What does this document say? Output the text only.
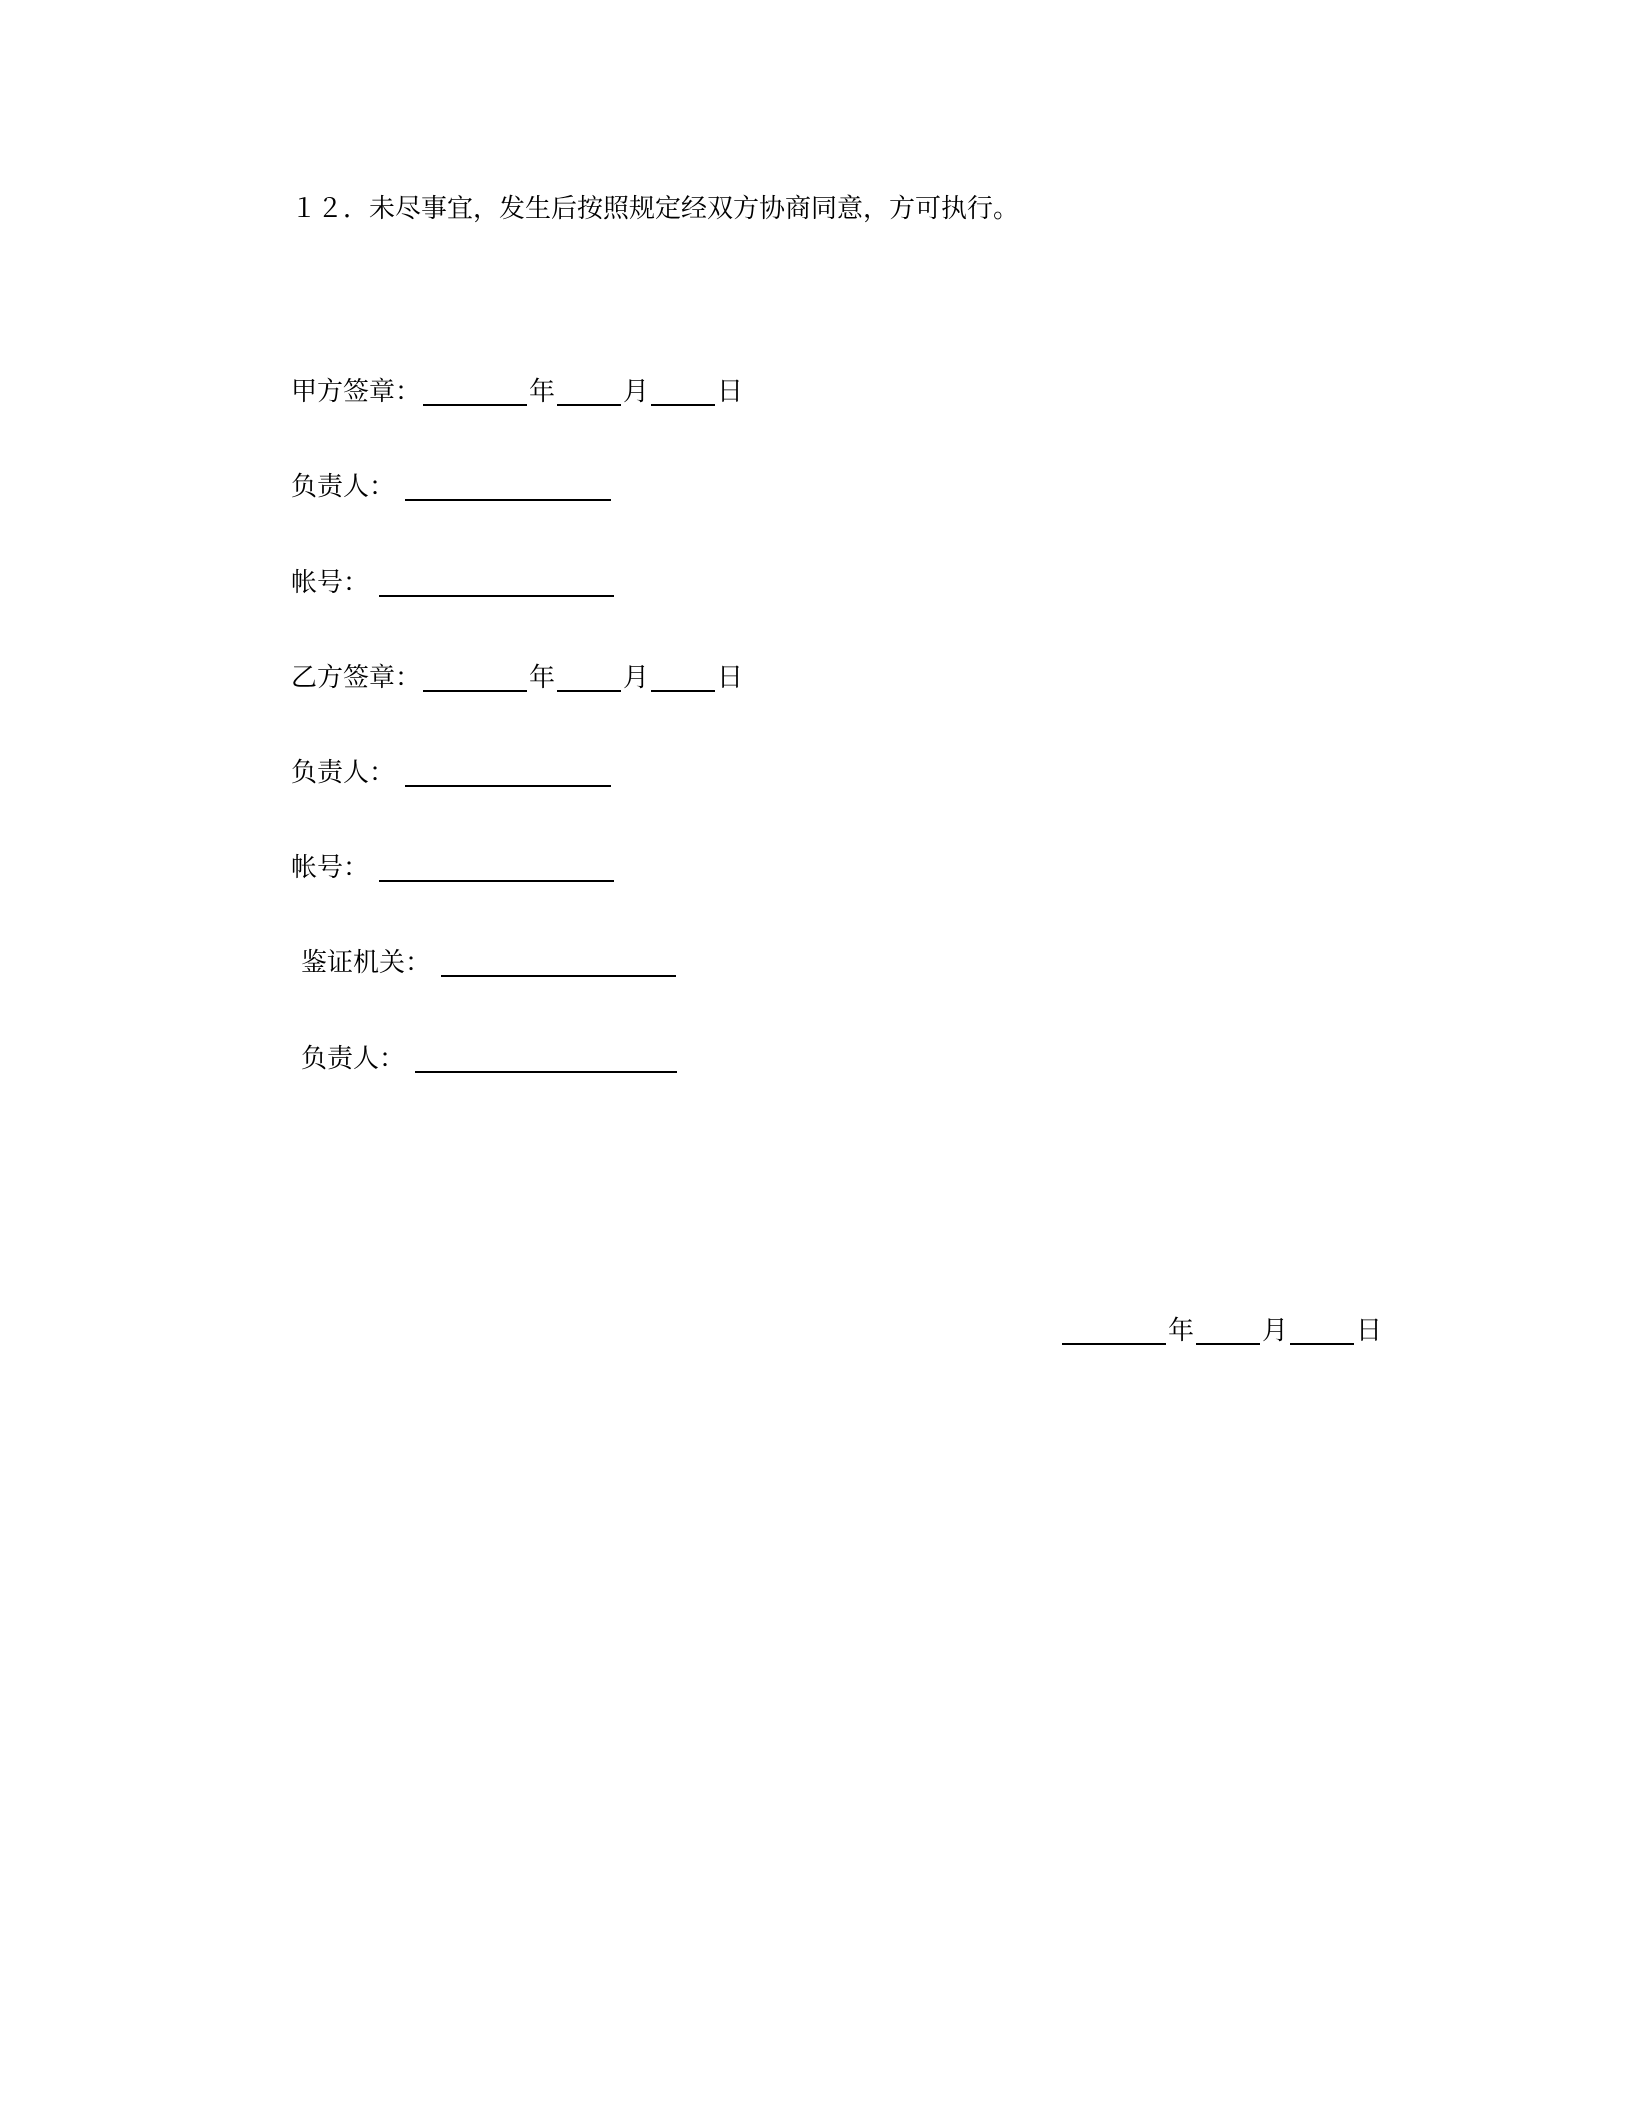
１２．未尽事宜，发生后按照规定经双方协商同意，方可执行。
甲方签章：	年	月	日
负责人：
帐号：
乙方签章：	年	月	日
负责人：
帐号：
鉴证机关：
负责人：
年	月	日
